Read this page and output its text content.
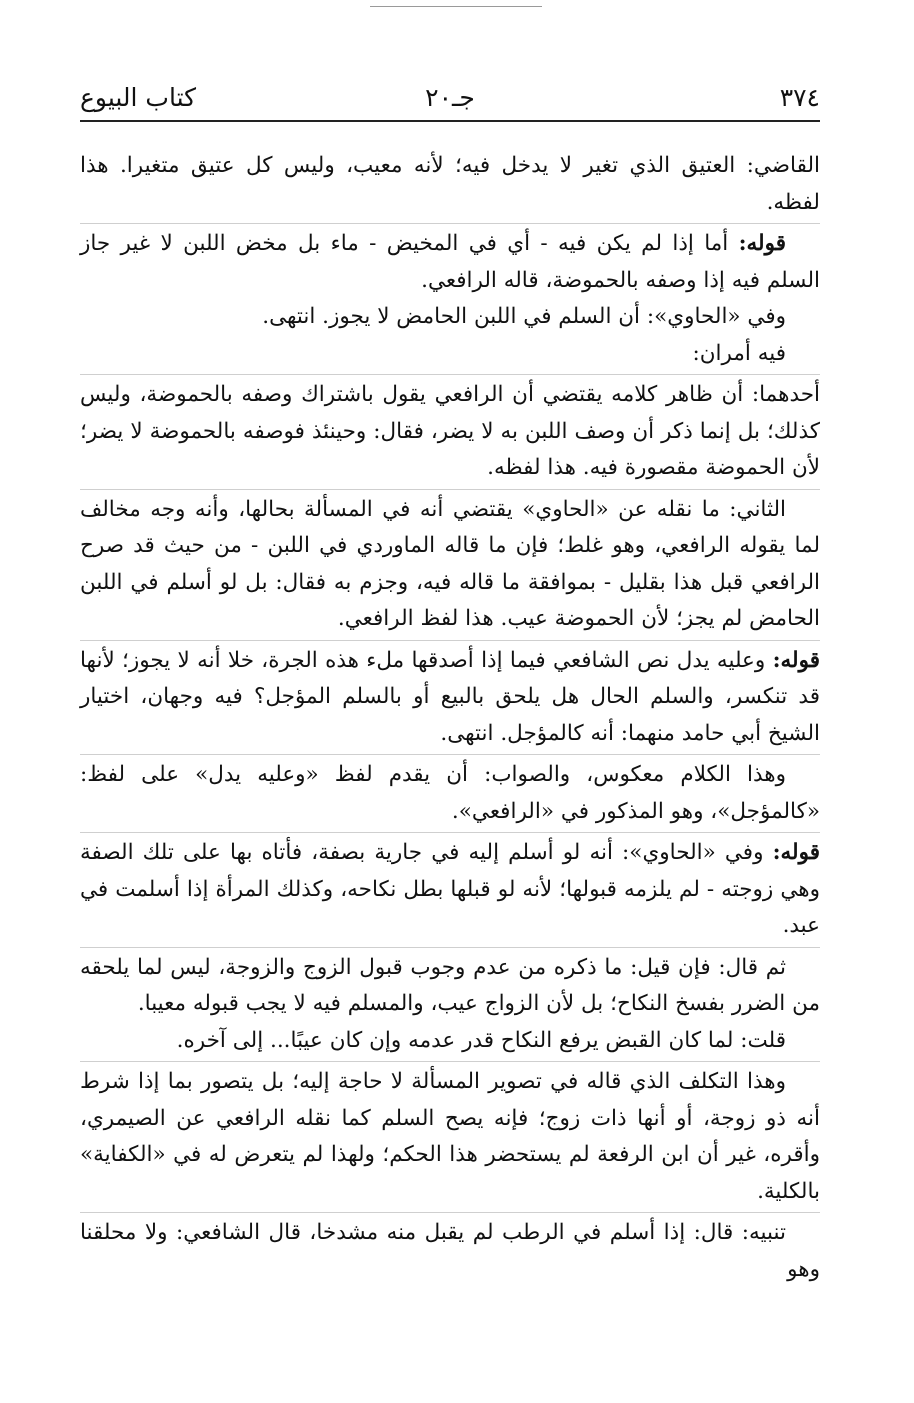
٣٧٤
جـ٢٠
كتاب البيوع

القاضي: العتيق الذي تغير لا يدخل فيه؛ لأنه معيب، وليس كل عتيق متغيرا. هذا لفظه.

قوله: أما إذا لم يكن فيه - أي في المخيض - ماء بل مخض اللبن لا غير جاز السلم فيه إذا وصفه بالحموضة، قاله الرافعي.

وفي «الحاوي»: أن السلم في اللبن الحامض لا يجوز. انتهى.

فيه أمران:

أحدهما: أن ظاهر كلامه يقتضي أن الرافعي يقول باشتراك وصفه بالحموضة، وليس كذلك؛ بل إنما ذكر أن وصف اللبن به لا يضر، فقال: وحينئذ فوصفه بالحموضة لا يضر؛ لأن الحموضة مقصورة فيه. هذا لفظه.

الثاني: ما نقله عن «الحاوي» يقتضي أنه في المسألة بحالها، وأنه وجه مخالف لما يقوله الرافعي، وهو غلط؛ فإن ما قاله الماوردي في اللبن - من حيث قد صرح الرافعي قبل هذا بقليل - بموافقة ما قاله فيه، وجزم به فقال: بل لو أسلم في اللبن الحامض لم يجز؛ لأن الحموضة عيب. هذا لفظ الرافعي.

قوله: وعليه يدل نص الشافعي فيما إذا أصدقها ملء هذه الجرة، خلا أنه لا يجوز؛ لأنها قد تنكسر، والسلم الحال هل يلحق بالبيع أو بالسلم المؤجل؟ فيه وجهان، اختيار الشيخ أبي حامد منهما: أنه كالمؤجل. انتهى.

وهذا الكلام معكوس، والصواب: أن يقدم لفظ «وعليه يدل» على لفظ: «كالمؤجل»، وهو المذكور في «الرافعي».

قوله: وفي «الحاوي»: أنه لو أسلم إليه في جارية بصفة، فأتاه بها على تلك الصفة وهي زوجته - لم يلزمه قبولها؛ لأنه لو قبلها بطل نكاحه، وكذلك المرأة إذا أسلمت في عبد.

ثم قال: فإن قيل: ما ذكره من عدم وجوب قبول الزوج والزوجة، ليس لما يلحقه من الضرر بفسخ النكاح؛ بل لأن الزواج عيب، والمسلم فيه لا يجب قبوله معيبا.

قلت: لما كان القبض يرفع النكاح قدر عدمه وإن كان عيبًا... إلى آخره.

وهذا التكلف الذي قاله في تصوير المسألة لا حاجة إليه؛ بل يتصور بما إذا شرط أنه ذو زوجة، أو أنها ذات زوج؛ فإنه يصح السلم كما نقله الرافعي عن الصيمري، وأقره، غير أن ابن الرفعة لم يستحضر هذا الحكم؛ ولهذا لم يتعرض له في «الكفاية» بالكلية.

تنبيه: قال: إذا أسلم في الرطب لم يقبل منه مشدخا، قال الشافعي: ولا محلقنا وهو
